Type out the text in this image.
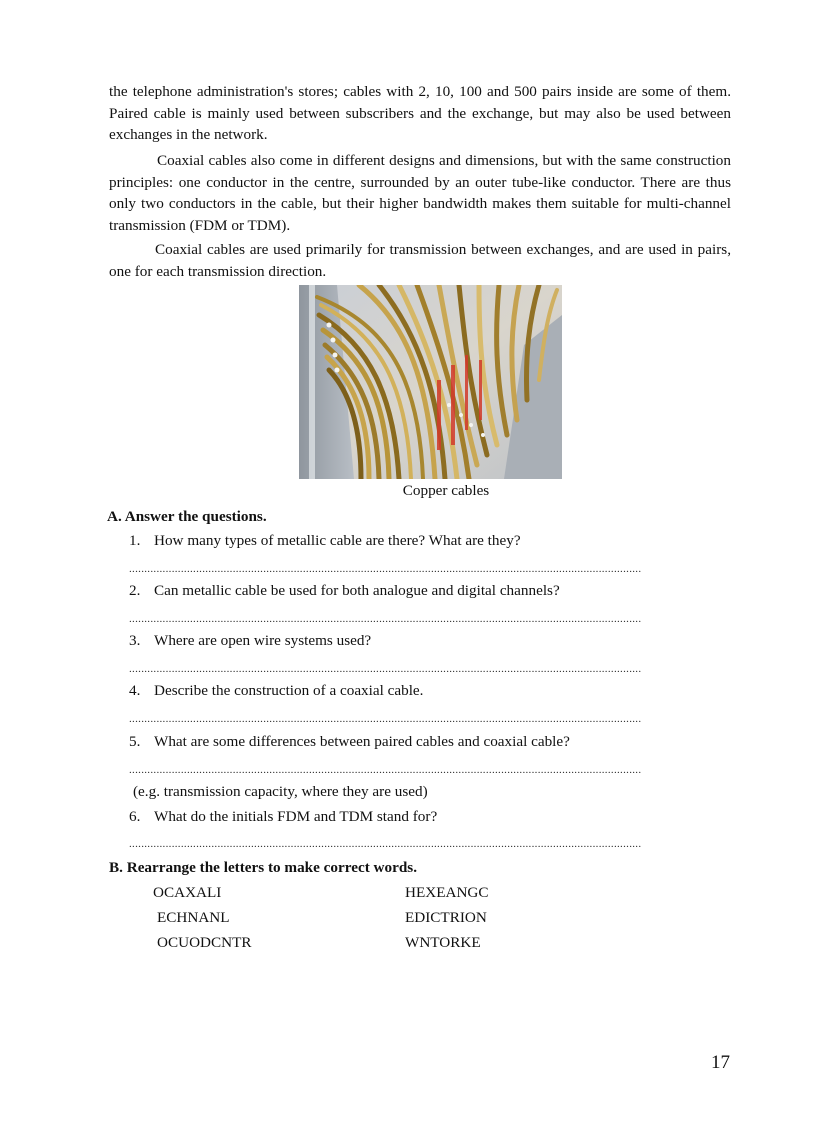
the telephone administration's stores; cables with 2, 10, 100 and 500 pairs inside are some of them. Paired cable is mainly used between subscribers and the exchange, but may also be used between exchanges in the network.

Coaxial cables also come in different designs and dimensions, but with the same construction principles: one conductor in the centre, surrounded by an outer tube-like conductor. There are thus only two conductors in the cable, but their higher bandwidth makes them suitable for multi-channel transmission (FDM or TDM).

Coaxial cables are used primarily for transmission between exchanges, and are used in pairs, one for each transmission direction.

Copper cables
A. Answer the questions.
1. How many types of metallic cable are there? What are they?
........................................................................................................................................................................
2. Can metallic cable be used for both analogue and digital channels?
........................................................................................................................................................................
3. Where are open wire systems used?
........................................................................................................................................................................
4. Describe the construction of a coaxial cable.
........................................................................................................................................................................
5. What are some differences between paired cables and coaxial cable?
........................................................................................................................................................................
(e.g. transmission capacity, where they are used)
6. What do the initials FDM and TDM stand for?
........................................................................................................................................................................
B. Rearrange the letters to make correct words.
OCAXALI
ECHNANL
OCUODCNTR
HEXEANGC
EDICTRION
WNTORKE
17
